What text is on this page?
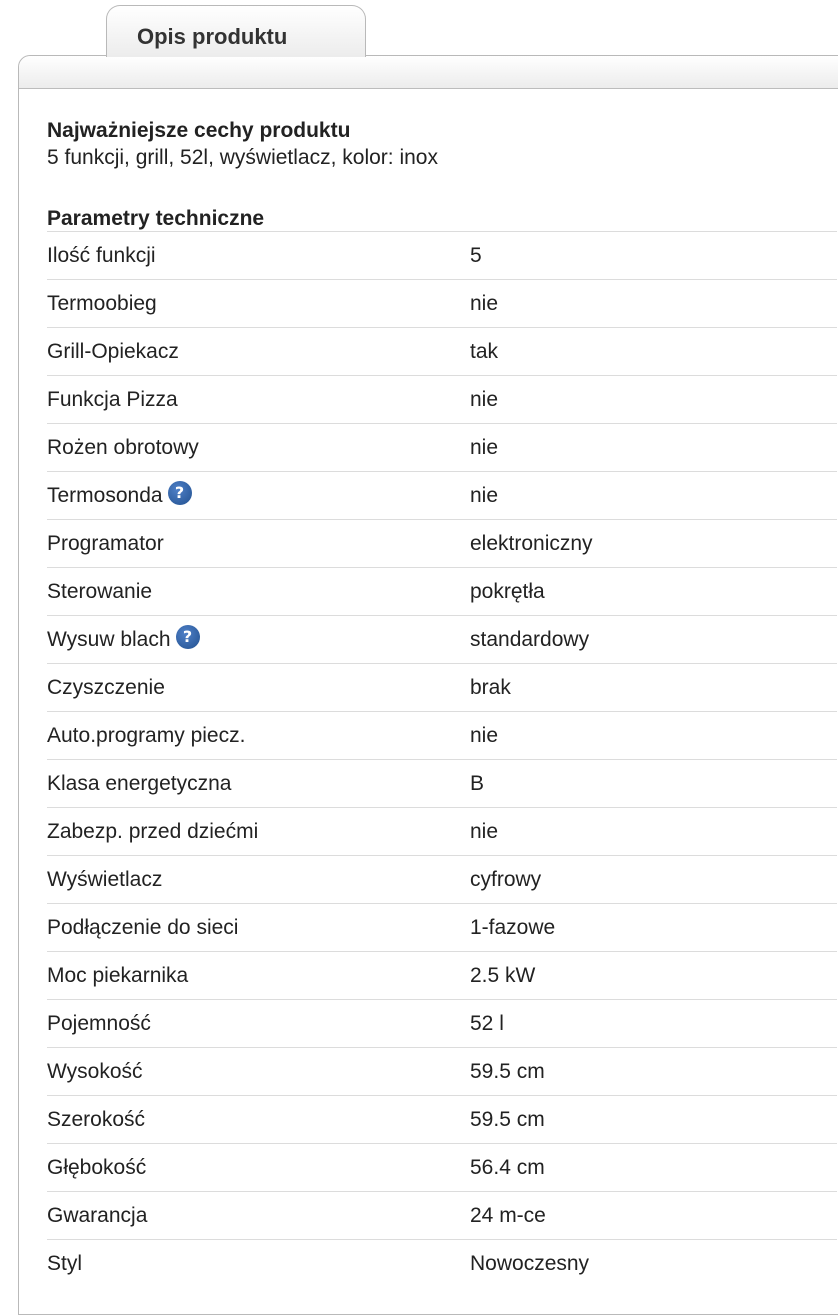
Opis produktu
Najważniejsze cechy produktu
5 funkcji, grill, 52l, wyświetlacz, kolor: inox
Parametry techniczne
Ilość funkcji	5
Termoobieg	nie
Grill-Opiekacz	tak
Funkcja Pizza	nie
Rożen obrotowy	nie
Termosonda ?	nie
Programator	elektroniczny
Sterowanie	pokrętła
Wysuw blach ?	standardowy
Czyszczenie	brak
Auto.programy piecz.	nie
Klasa energetyczna	B
Zabezp. przed dziećmi	nie
Wyświetlacz	cyfrowy
Podłączenie do sieci	1-fazowe
Moc piekarnika	2.5 kW
Pojemność	52 l
Wysokość	59.5 cm
Szerokość	59.5 cm
Głębokość	56.4 cm
Gwarancja	24 m-ce
Styl	Nowoczesny
